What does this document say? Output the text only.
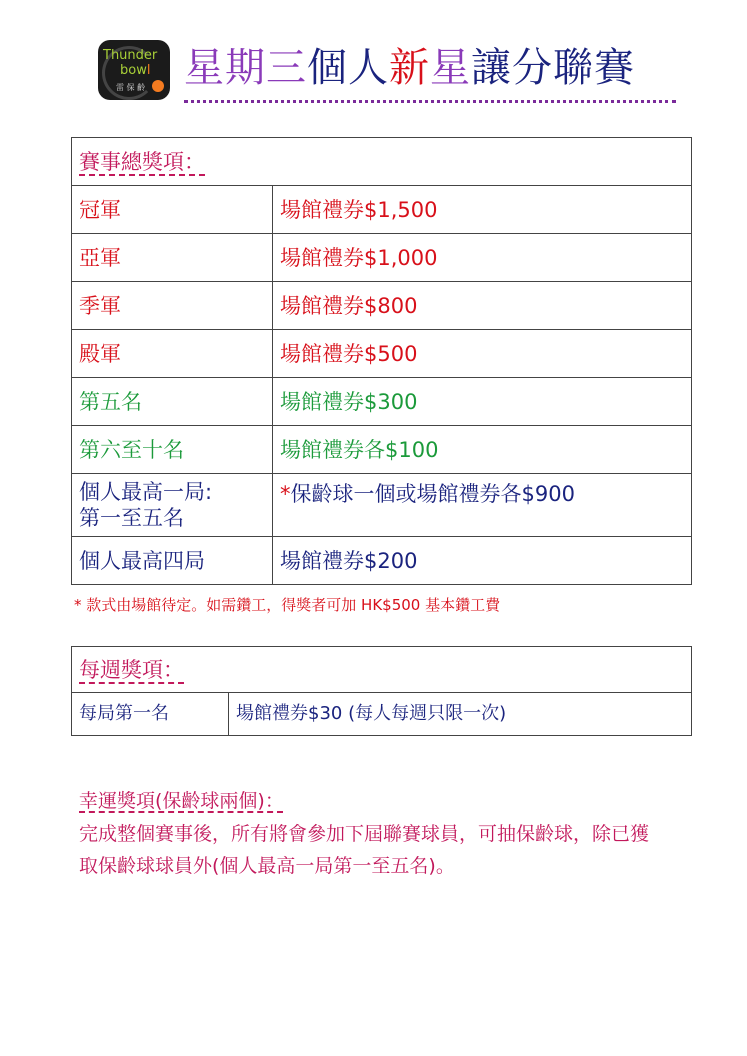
Thunder
bowl
雷 保 齡 星期三個人新星讓分聯賽
賽事總獎項：	
冠軍	場館禮券$1,500
亞軍	場館禮券$1,000
季軍	場館禮券$800
殿軍	場館禮券$500
第五名	場館禮券$300
第六至十名	場館禮券各$100

個人最高一局:
第一至五名	*保齡球一個或場館禮券各$900
個人最高四局	場館禮券$200
* 款式由場館待定。如需鑽工，得獎者可加 HK$500 基本鑽工費
每週獎項：
每局第一名	場館禮券$30 (每人每週只限一次)
幸運獎項(保齡球兩個)：
完成整個賽事後，所有將會參加下屆聯賽球員，可抽保齡球，除已獲取保齡球球員外(個人最高一局第一至五名)。
